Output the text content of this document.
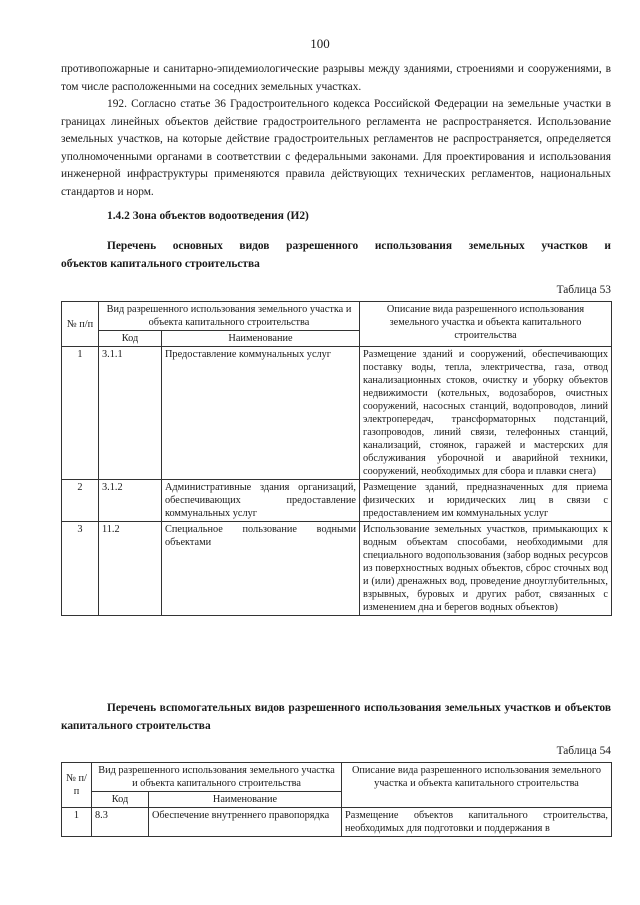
100

противопожарные и санитарно-эпидемиологические разрывы между зданиями, строениями и сооружениями, в том числе расположенными на соседних земельных участках.

192. Согласно статье 36 Градостроительного кодекса Российской Федерации на земельные участки в границах линейных объектов действие градостроительного регламента не распространяется. Использование земельных участков, на которые действие градостроительных регламентов не распространяется, определяется уполномоченными органами в соответствии с федеральными законами. Для проектирования и использования инженерной инфраструктуры применяются правила действующих технических регламентов, национальных стандартов и норм.

1.4.2 Зона объектов водоотведения (И2)
Перечень основных видов разрешенного использования земельных участков и
объектов капитального строительства
Таблица 53
№ п/п	Вид разрешенного использования земельного участка и объекта капитального строительства		Описание вида разрешенного использования земельного участка и объекта капитального строительства
	Код	Наименование	
1	3.1.1	Предоставление коммунальных услуг	Размещение зданий и сооружений, обеспечивающих поставку воды, тепла, электричества, газа, отвод канализационных стоков, очистку и уборку объектов недвижимости (котельных, водозаборов, очистных сооружений, насосных станций, водопроводов, линий электропередач, трансформаторных подстанций, газопроводов, линий связи, телефонных станций, канализаций, стоянок, гаражей и мастерских для обслуживания уборочной и аварийной техники, сооружений, необходимых для сбора и плавки снега)
2	3.1.2	Административные здания организаций, обеспечивающих предоставление коммунальных услуг	Размещение зданий, предназначенных для приема физических и юридических лиц в связи с предоставлением им коммунальных услуг
3	11.2	Специальное пользование водными объектами	Использование земельных участков, примыкающих к водным объектам способами, необходимыми для специального водопользования (забор водных ресурсов из поверхностных водных объектов, сброс сточных вод и (или) дренажных вод, проведение дноуглубительных, взрывных, буровых и других работ, связанных с изменением дна и берегов водных объектов)
Перечень вспомогательных видов разрешенного использования земельных участков и объектов капитального строительства
Таблица 54
№ п/п	Вид разрешенного использования земельного участка и объекта капитального строительства		Описание вида разрешенного использования земельного участка и объекта капитального строительства
	Код	Наименование	
1	8.3	Обеспечение внутреннего правопорядка	Размещение объектов капитального строительства, необходимых для подготовки и поддержания в
